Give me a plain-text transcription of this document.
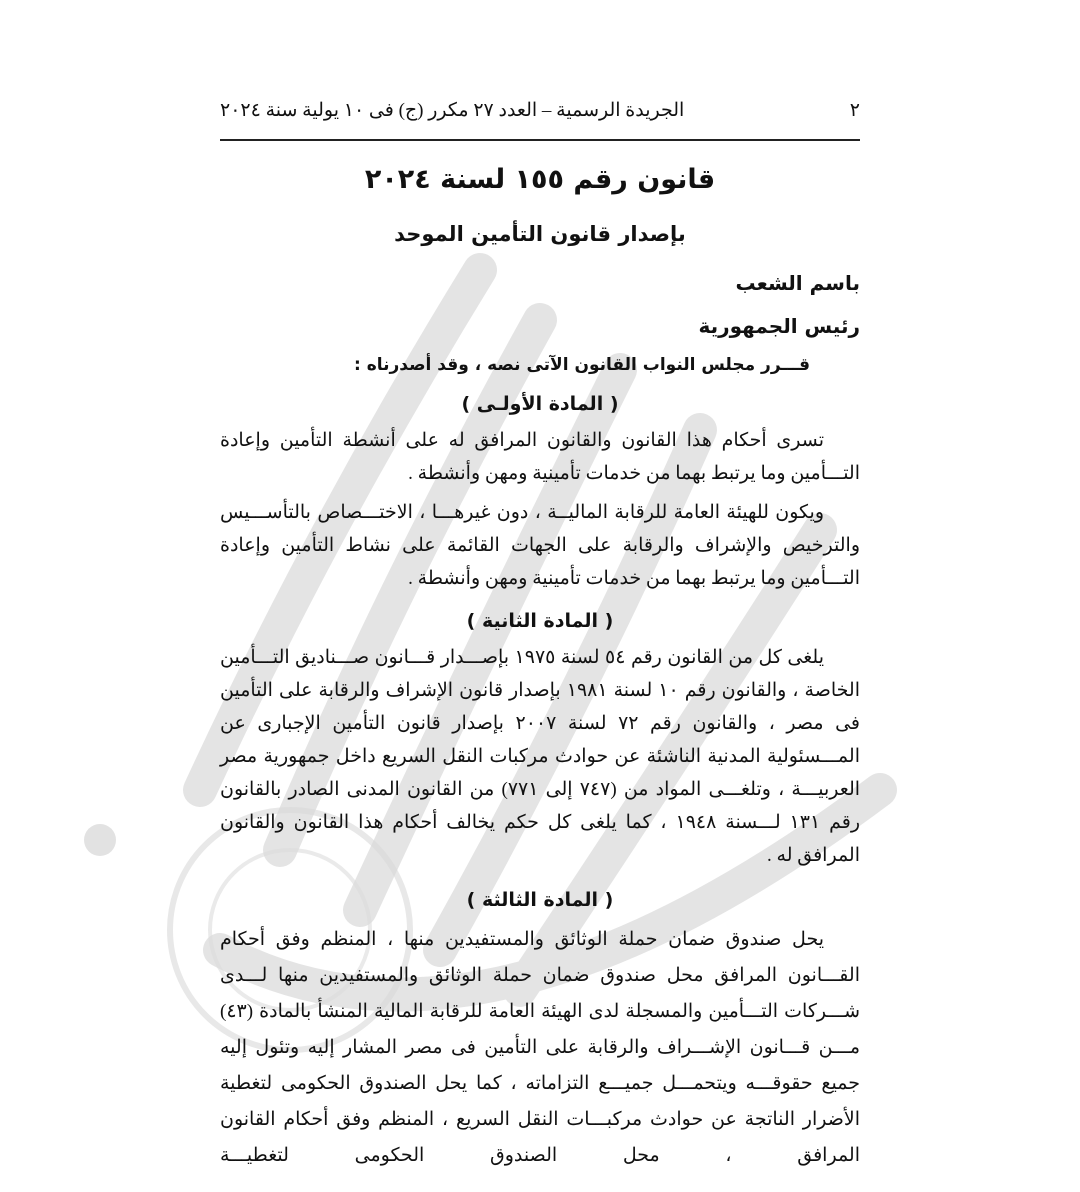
٢
الجريدة الرسمية – العدد ٢٧ مكرر (ج) فى ١٠ يولية سنة ٢٠٢٤
قانون رقم ١٥٥ لسنة ٢٠٢٤
بإصدار قانون التأمين الموحد
باسم الشعب
رئيس الجمهورية
قـــرر مجلس النواب القانون الآتى نصه ، وقد أصدرناه :
( المادة الأولـى )

تسرى أحكام هذا القانون والقانون المرافق له على أنشطة التأمين وإعادة التـــأمين وما يرتبط بهما من خدمات تأمينية ومهن وأنشطة .

ويكون للهيئة العامة للرقابة الماليــة ، دون غيرهـــا ، الاختـــصاص بالتأســـيس والترخيص والإشراف والرقابة على الجهات القائمة على نشاط التأمين وإعادة التـــأمين وما يرتبط بهما من خدمات تأمينية ومهن وأنشطة .

( المادة الثانية )

يلغى كل من القانون رقم ٥٤ لسنة ١٩٧٥ بإصـــدار قـــانون صـــناديق التـــأمين الخاصة ، والقانون رقم ١٠ لسنة ١٩٨١ بإصدار قانون الإشراف والرقابة على التأمين فى مصر ، والقانون رقم ٧٢ لسنة ٢٠٠٧ بإصدار قانون التأمين الإجبارى عن المـــسئولية المدنية الناشئة عن حوادث مركبات النقل السريع داخل جمهورية مصر العربيـــة ، وتلغـــى المواد من (٧٤٧ إلى ٧٧١) من القانون المدنى الصادر بالقانون رقم ١٣١ لـــسنة ١٩٤٨ ، كما يلغى كل حكم يخالف أحكام هذا القانون والقانون المرافق له .

( المادة الثالثة )

يحل صندوق ضمان حملة الوثائق والمستفيدين منها ، المنظم وفق أحكام القـــانون المرافق محل صندوق ضمان حملة الوثائق والمستفيدين منها لـــدى شـــركات التـــأمين والمسجلة لدى الهيئة العامة للرقابة المالية المنشأ بالمادة (٤٣) مـــن قـــانون الإشـــراف والرقابة على التأمين فى مصر المشار إليه وتئول إليه جميع حقوقـــه ويتحمـــل جميـــع التزاماته ، كما يحل الصندوق الحكومى لتغطية الأضرار الناتجة عن حوادث مركبـــات النقل السريع ، المنظم وفق أحكام القانون المرافق ، محل الصندوق الحكومى لتغطيـــة
